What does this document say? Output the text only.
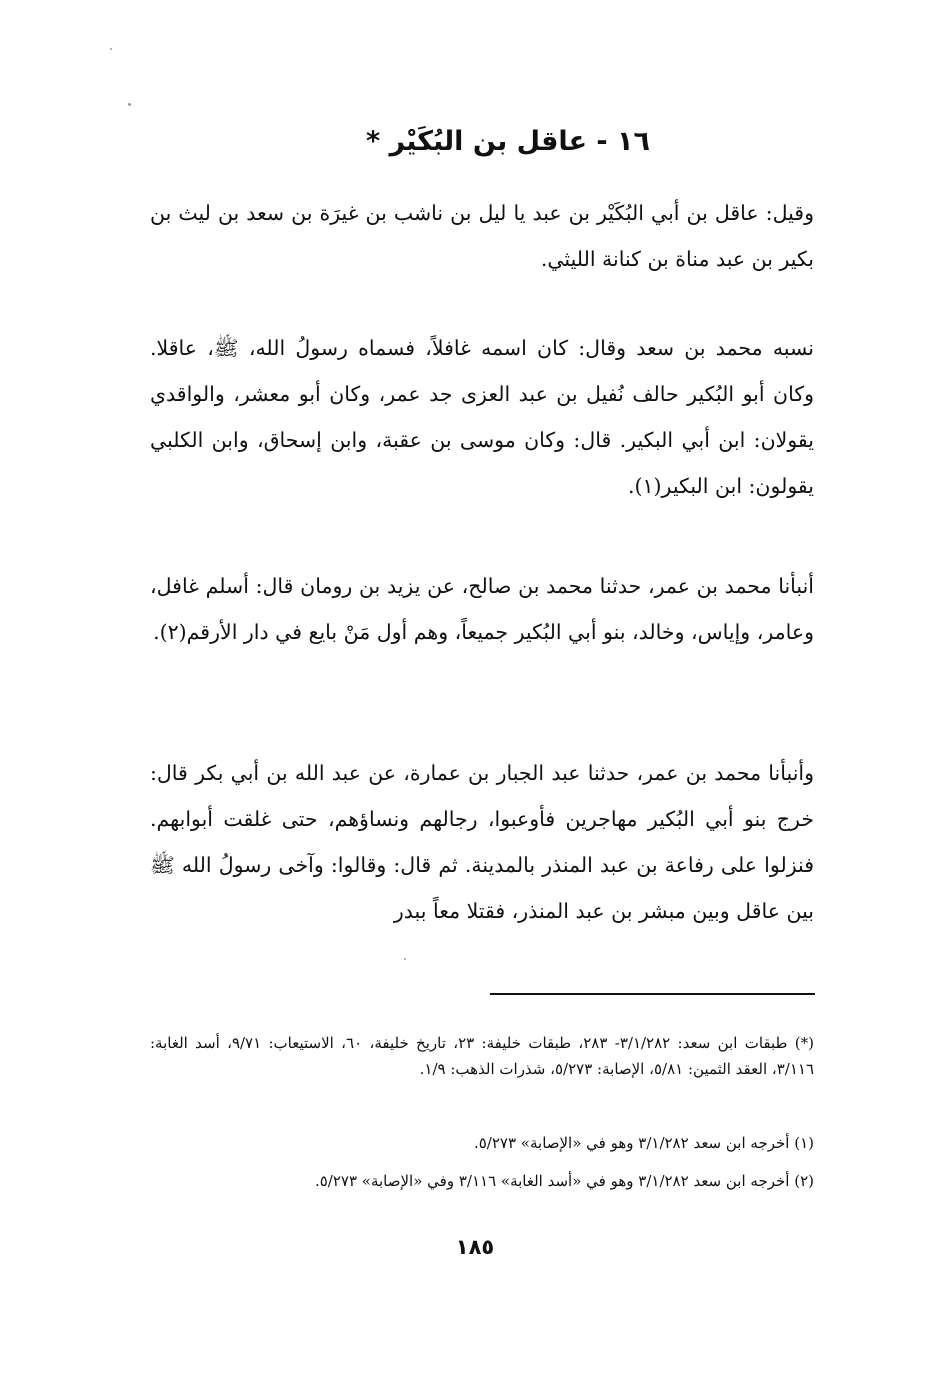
١٦ - عاقل بن البُكَيْر *

وقيل: عاقل بن أبي البُكَيْر بن عبد يا ليل بن ناشب بن غيرَة بن سعد بن ليث بن بكير بن عبد مناة بن كنانة الليثي.

نسبه محمد بن سعد وقال: كان اسمه غافلاً، فسماه رسولُ الله، ﷺ، عاقلا. وكان أبو البُكير حالف نُفيل بن عبد العزى جد عمر، وكان أبو معشر، والواقدي يقولان: ابن أبي البكير. قال: وكان موسى بن عقبة، وابن إسحاق، وابن الكلبي يقولون: ابن البكير(١).

أنبأنا محمد بن عمر، حدثنا محمد بن صالح، عن يزيد بن رومان قال: أسلم غافل، وعامر، وإياس، وخالد، بنو أبي البُكير جميعاً، وهم أول مَنْ بايع في دار الأرقم(٢).

وأنبأنا محمد بن عمر، حدثنا عبد الجبار بن عمارة، عن عبد الله بن أبي بكر قال: خرج بنو أبي البُكير مهاجرين فأوعبوا، رجالهم ونساؤهم، حتى غلقت أبوابهم. فنزلوا على رفاعة بن عبد المنذر بالمدينة. ثم قال: وقالوا: وآخى رسولُ الله ﷺ بين عاقل وبين مبشر بن عبد المنذر، فقتلا معاً ببدر

(*) طبقات ابن سعد: ٣/١/٢٨٢- ٢٨٣، طبقات خليفة: ٢٣، تاريخ خليفة، ٦٠، الاستيعاب: ٩/٧١، أسد الغابة: ٣/١١٦، العقد الثمين: ٥/٨١، الإصابة: ٥/٢٧٣، شذرات الذهب: ١/٩.
(١) أخرجه ابن سعد ٣/١/٢٨٢ وهو في «الإصابة» ٥/٢٧٣.
(٢) أخرجه ابن سعد ٣/١/٢٨٢ وهو في «أسد الغابة» ٣/١١٦ وفي «الإصابة» ٥/٢٧٣.
١٨٥
